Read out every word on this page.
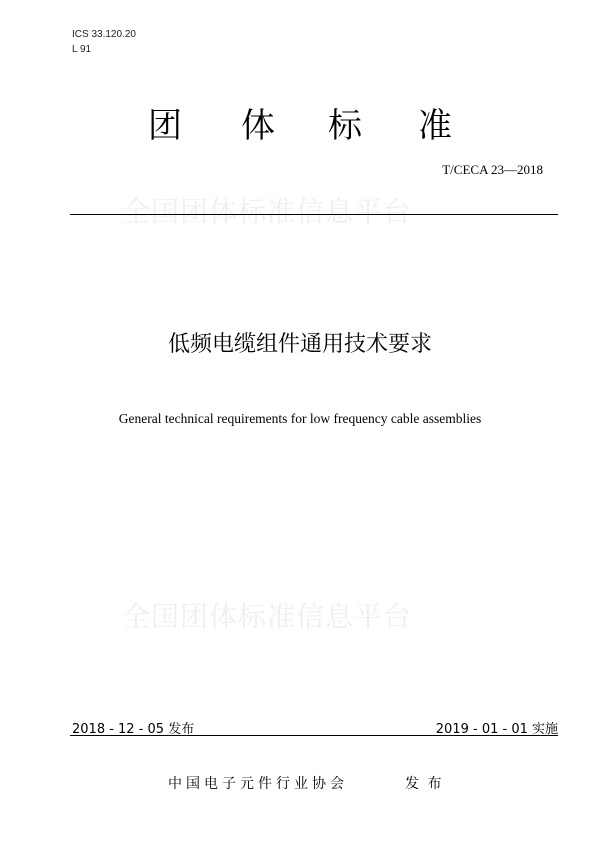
ICS 33.120.20
L 91
团 体 标 准
T/CECA 23—2018
全国团体标准信息平台
低频电缆组件通用技术要求
General technical requirements for low frequency cable assemblies
全国团体标准信息平台
2018 - 12 - 05 发布	2019 - 01 - 01 实施
中国电子元件行业协会	发 布
